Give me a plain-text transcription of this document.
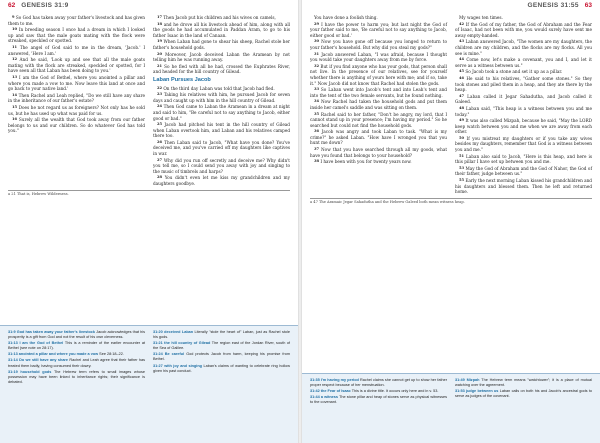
62 GENESIS 31:9

9 So God has taken away your father's livestock and has given them to me.

10 In breeding season I once had a dream in which I looked up and saw that the male goats mating with the flock were streaked, speckled or spotted.

11 The angel of God said to me in the dream, 'Jacob.' I answered, 'Here I am.'

12 And he said, 'Look up and see that all the male goats mating with the flock are streaked, speckled or spotted, for I have seen all that Laban has been doing to you.'

13 I am the God of Bethel, where you anointed a pillar and where you made a vow to me. Now leave this land at once and go back to your native land.'

14 Then Rachel and Leah replied, "Do we still have any share in the inheritance of our father's estate?

15 Does he not regard us as foreigners? Not only has he sold us, but he has used up what was paid for us.

16 Surely all the wealth that God took away from our father belongs to us and our children. So do whatever God has told you."

17 Then Jacob put his children and his wives on camels,

18 and he drove all his livestock ahead of him, along with all the goods he had accumulated in Paddan Aram, to go to his father Isaac in the land of Canaan.

19 When Laban had gone to shear his sheep, Rachel stole her father's household gods.

20 Moreover, Jacob deceived Laban the Aramean by not telling him he was running away.

21 So he fled with all he had, crossed the Euphrates River, and headed for the hill country of Gilead.

Laban Pursues Jacob

22 On the third day Laban was told that Jacob had fled.

23 Taking his relatives with him, he pursued Jacob for seven days and caught up with him in the hill country of Gilead.

24 Then God came to Laban the Aramean in a dream at night and said to him, "Be careful not to say anything to Jacob, either good or bad."

25 Jacob had pitched his tent in the hill country of Gilead when Laban overtook him, and Laban and his relatives camped there too.

26 Then Laban said to Jacob, "What have you done? You've deceived me, and you've carried off my daughters like captives in war.

27 Why did you run off secretly and deceive me? Why didn't you tell me, so I could send you away with joy and singing to the music of timbrels and harps?

28 You didn't even let me kiss my grandchildren and my daughters goodbye.

a 21 That is, Hebrew Wilderness.

31:9 God has taken away your father's livestock Jacob acknowledges that his prosperity is a gift from God and not the result of his own cleverness.

31:13 I am the God of Bethel This is a reminder of the earlier encounter at Bethel (see note on 28:17).

31:13 anointed a pillar and where you made a vow See 28:18–22.

31:14 Do we still have any share Rachel and Leah agree that their father has treated them badly, having consumed their dowry.

31:19 household gods The Hebrew term refers to small images whose possession may have been linked to inheritance rights; their significance is debated.

31:20 deceived Laban Literally "stole the heart of" Laban, just as Rachel stole his gods.

31:21 the hill country of Gilead The region east of the Jordan River, south of the Sea of Galilee.

31:24 Be careful God protects Jacob from harm, keeping his promise from Bethel.

31:27 with joy and singing Laban's claims of wanting to celebrate ring hollow given his past conduct.

GENESIS 31:55 63

You have done a foolish thing.

29 I have the power to harm you; but last night the God of your father said to me, 'Be careful not to say anything to Jacob, either good or bad.'

30 Now you have gone off because you longed to return to your father's household. But why did you steal my gods?"

31 Jacob answered Laban, "I was afraid, because I thought you would take your daughters away from me by force.

32 But if you find anyone who has your gods, that person shall not live. In the presence of our relatives, see for yourself whether there is anything of yours here with me; and if so, take it." Now Jacob did not know that Rachel had stolen the gods.

33 So Laban went into Jacob's tent and into Leah's tent and into the tent of the two female servants, but he found nothing.

34 Now Rachel had taken the household gods and put them inside her camel's saddle and was sitting on them.

35 Rachel said to her father, "Don't be angry, my lord, that I cannot stand up in your presence; I'm having my period." So he searched but could not find the household gods.

36 Jacob was angry and took Laban to task. "What is my crime?" he asked Laban. "How have I wronged you that you hunt me down?

37 Now that you have searched through all my goods, what have you found that belongs to your household?

38 I have been with you for twenty years now.

My wages ten times.

42 If the God of my father, the God of Abraham and the Fear of Isaac, had not been with me, you would surely have sent me away empty-handed.

43 Laban answered Jacob, "The women are my daughters, the children are my children, and the flocks are my flocks. All you see is mine."

44 Come now, let's make a covenant, you and I, and let it serve as a witness between us."

45 So Jacob took a stone and set it up as a pillar.

46 He said to his relatives, "Gather some stones." So they took stones and piled them in a heap, and they ate there by the heap.

47 Laban called it Jegar Sahadutha, and Jacob called it Galeed.

48 Laban said, "This heap is a witness between you and me today."

49 It was also called Mizpah, because he said, "May the LORD keep watch between you and me when we are away from each other.

50 If you mistreat my daughters or if you take any wives besides my daughters, remember that God is a witness between you and me."

51 Laban also said to Jacob, "Here is this heap, and here is this pillar I have set up between you and me.

53 May the God of Abraham and the God of Nahor, the God of their father, judge between us."

55 Early the next morning Laban kissed his grandchildren and his daughters and blessed them. Then he left and returned home.

a 47 The Aramaic Jegar Sahadutha and the Hebrew Galeed both mean witness heap.

31:35 I'm having my period Rachel claims she cannot get up to show her father proper respect because of her menstruation.

31:42 the Fear of Isaac This is a divine title. It occurs only here and in v. 53.

31:44 a witness The stone pillar and heap of stones serve as physical witnesses to the covenant.

31:49 Mizpah The Hebrew term means "watchtower"; it is a place of mutual watching over the agreement.

31:53 judge between us Laban calls on both his and Jacob's ancestral gods to serve as judges of the covenant.
